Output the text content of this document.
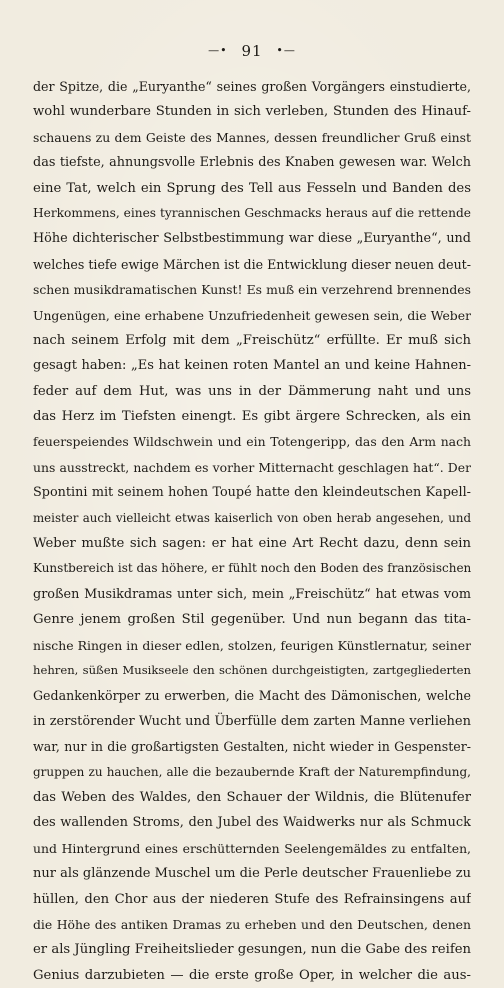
—• 91 •—
der Spitze, die „Euryanthe“ seines großen Vorgängers einstudierte,
wohl wunderbare Stunden in sich verleben, Stunden des Hinauf-
schauens zu dem Geiste des Mannes, dessen freundlicher Gruß einst
das tiefste, ahnungsvolle Erlebnis des Knaben gewesen war. Welch
eine Tat, welch ein Sprung des Tell aus Fesseln und Banden des
Herkommens, eines tyrannischen Geschmacks heraus auf die rettende
Höhe dichterischer Selbstbestimmung war diese „Euryanthe“, und
welches tiefe ewige Märchen ist die Entwicklung dieser neuen deut-
schen musikdramatischen Kunst! Es muß ein verzehrend brennendes
Ungenügen, eine erhabene Unzufriedenheit gewesen sein, die Weber
nach seinem Erfolg mit dem „Freischütz“ erfüllte. Er muß sich
gesagt haben: „Es hat keinen roten Mantel an und keine Hahnen-
feder auf dem Hut, was uns in der Dämmerung naht und uns
das Herz im Tiefsten einengt. Es gibt ärgere Schrecken, als ein
feuerspeiendes Wildschwein und ein Totengeripp, das den Arm nach
uns ausstreckt, nachdem es vorher Mitternacht geschlagen hat“. Der
Spontini mit seinem hohen Toupé hatte den kleindeutschen Kapell-
meister auch vielleicht etwas kaiserlich von oben herab angesehen, und
Weber mußte sich sagen: er hat eine Art Recht dazu, denn sein
Kunstbereich ist das höhere, er fühlt noch den Boden des französischen
großen Musikdramas unter sich, mein „Freischütz“ hat etwas vom
Genre jenem großen Stil gegenüber. Und nun begann das tita-
nische Ringen in dieser edlen, stolzen, feurigen Künstlernatur, seiner
hehren, süßen Musikseele den schönen durchgeistigten, zartgegliederten
Gedankenkörper zu erwerben, die Macht des Dämonischen, welche
in zerstörender Wucht und Überfülle dem zarten Manne verliehen
war, nur in die großartigsten Gestalten, nicht wieder in Gespenster-
gruppen zu hauchen, alle die bezaubernde Kraft der Naturempfindung,
das Weben des Waldes, den Schauer der Wildnis, die Blütenufer
des wallenden Stroms, den Jubel des Waidwerks nur als Schmuck
und Hintergrund eines erschütternden Seelengemäldes zu entfalten,
nur als glänzende Muschel um die Perle deutscher Frauenliebe zu
hüllen, den Chor aus der niederen Stufe des Refrainsingens auf
die Höhe des antiken Dramas zu erheben und den Deutschen, denen
er als Jüngling Freiheitslieder gesungen, nun die Gabe des reifen
Genius darzubieten — die erste große Oper, in welcher die aus-
